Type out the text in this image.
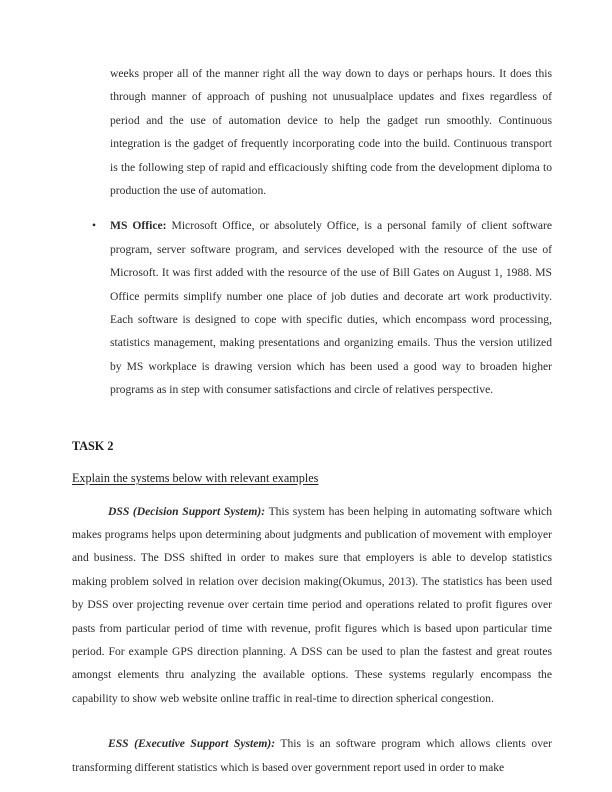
weeks proper all of the manner right all the way down to days or perhaps hours. It does this through manner of approach of pushing not unusualplace updates and fixes regardless of period and the use of automation device to help the gadget run smoothly. Continuous integration is the gadget of frequently incorporating code into the build. Continuous transport is the following step of rapid and efficaciously shifting code from the development diploma to production the use of automation.

• MS Office: Microsoft Office, or absolutely Office, is a personal family of client software program, server software program, and services developed with the resource of the use of Microsoft. It was first added with the resource of the use of Bill Gates on August 1, 1988. MS Office permits simplify number one place of job duties and decorate art work productivity. Each software is designed to cope with specific duties, which encompass word processing, statistics management, making presentations and organizing emails. Thus the version utilized by MS workplace is drawing version which has been used a good way to broaden higher programs as in step with consumer satisfactions and circle of relatives perspective.

TASK 2

Explain the systems below with relevant examples

DSS (Decision Support System): This system has been helping in automating software which makes programs helps upon determining about judgments and publication of movement with employer and business. The DSS shifted in order to makes sure that employers is able to develop statistics making problem solved in relation over decision making(Okumus, 2013). The statistics has been used by DSS over projecting revenue over certain time period and operations related to profit figures over pasts from particular period of time with revenue, profit figures which is based upon particular time period. For example GPS direction planning. A DSS can be used to plan the fastest and great routes amongst elements thru analyzing the available options. These systems regularly encompass the capability to show web website online traffic in real-time to direction spherical congestion.

ESS (Executive Support System): This is an software program which allows clients over transforming different statistics which is based over government report used in order to make
